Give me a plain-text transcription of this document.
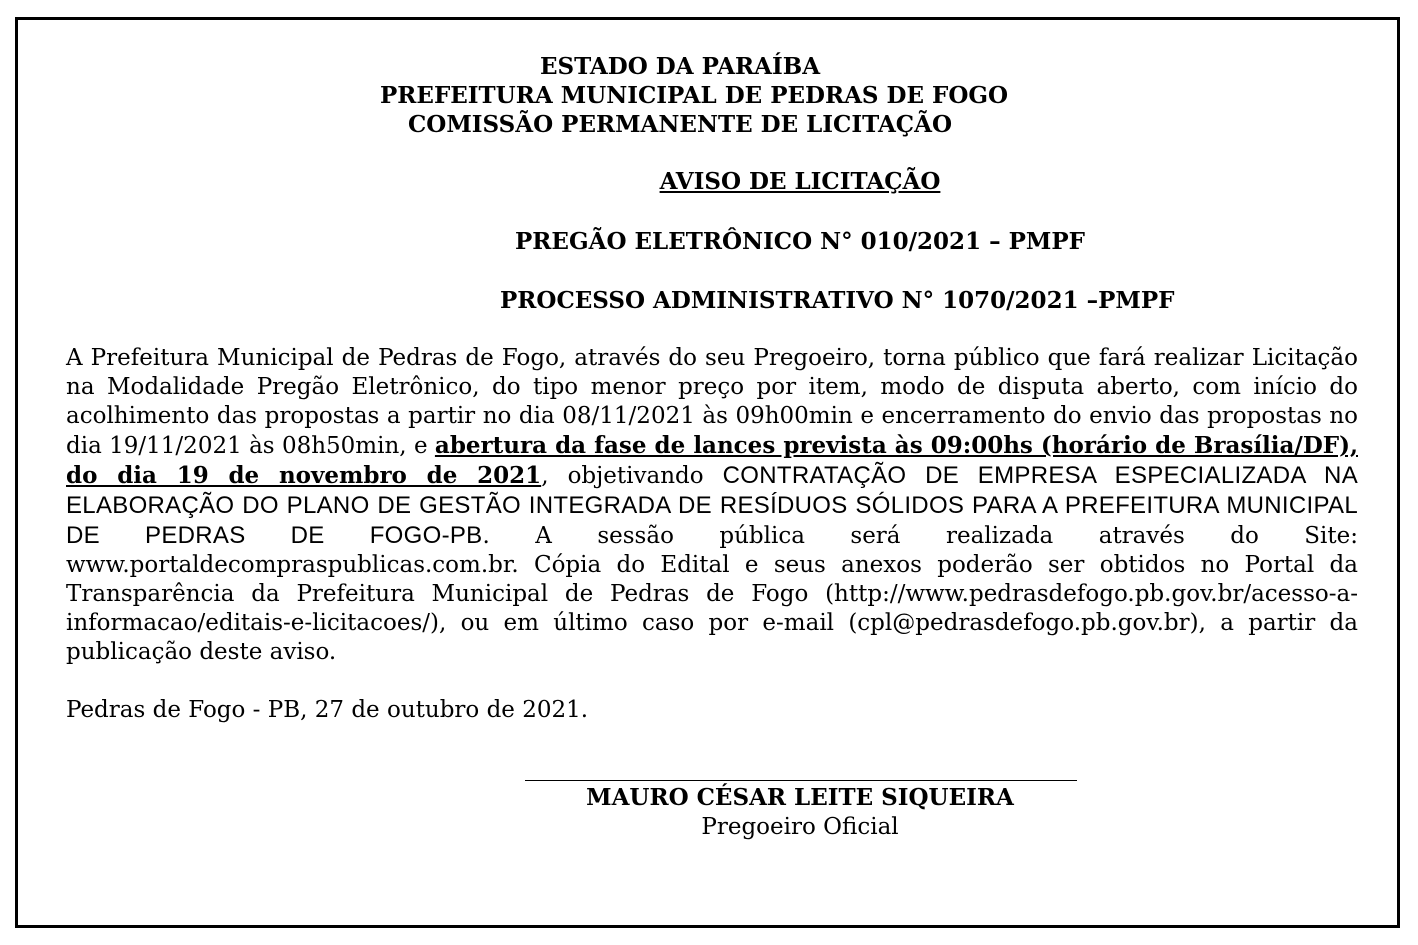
ESTADO DA PARAÍBA
PREFEITURA MUNICIPAL DE PEDRAS DE FOGO
COMISSÃO PERMANENTE DE LICITAÇÃO
AVISO DE LICITAÇÃO
PREGÃO ELETRÔNICO N° 010/2021 – PMPF
PROCESSO ADMINISTRATIVO N° 1070/2021 –PMPF
A Prefeitura Municipal de Pedras de Fogo, através do seu Pregoeiro, torna público que fará realizar Licitação na Modalidade Pregão Eletrônico, do tipo menor preço por item, modo de disputa aberto, com início do acolhimento das propostas a partir no dia 08/11/2021 às 09h00min e encerramento do envio das propostas no dia 19/11/2021 às 08h50min, e abertura da fase de lances prevista às 09:00hs (horário de Brasília/DF), do dia 19 de novembro de 2021, objetivando CONTRATAÇÃO DE EMPRESA ESPECIALIZADA NA ELABORAÇÃO DO PLANO DE GESTÃO INTEGRADA DE RESÍDUOS SÓLIDOS PARA A PREFEITURA MUNICIPAL DE PEDRAS DE FOGO-PB. A sessão pública será realizada através do Site: www.portaldecompraspublicas.com.br. Cópia do Edital e seus anexos poderão ser obtidos no Portal da Transparência da Prefeitura Municipal de Pedras de Fogo (http://www.pedrasdefogo.pb.gov.br/acesso-a-informacao/editais-e-licitacoes/), ou em último caso por e-mail (cpl@pedrasdefogo.pb.gov.br), a partir da publicação deste aviso.
Pedras de Fogo - PB, 27 de outubro de 2021.
MAURO CÉSAR LEITE SIQUEIRA
Pregoeiro Oficial
